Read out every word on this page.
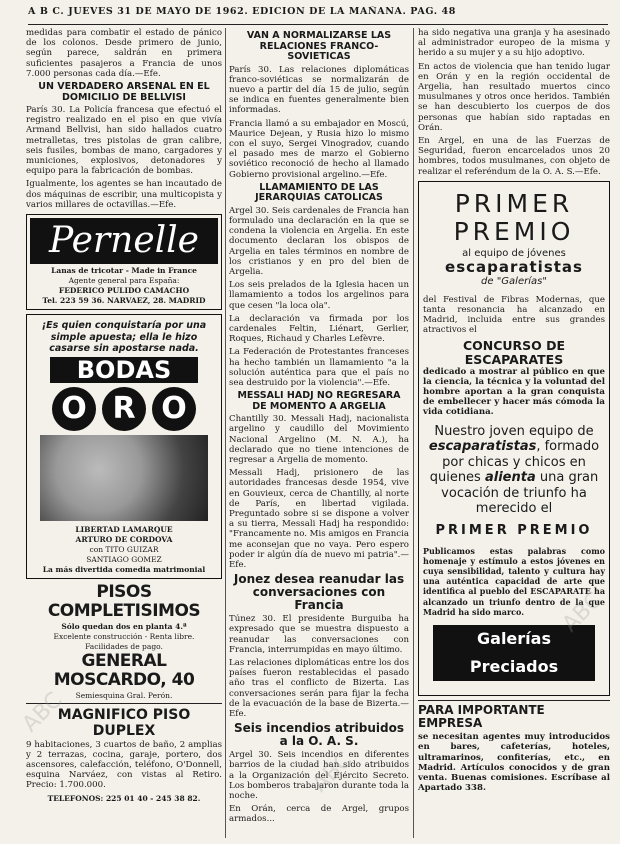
A B C. JUEVES 31 DE MAYO DE 1962. EDICION DE LA MAÑANA. PAG. 48

medidas para combatir el estado de pánico de los colonos. Desde primero de junio, según parece, saldrán en primera suficientes pasajeros a Francia de unos 7.000 personas cada día.—Efe.

UN VERDADERO ARSENAL EN EL DOMICILIO DE BELLVISI

París 30. La Policía francesa que efectuó el registro realizado en el piso en que vivía Armand Bellvisi, han sido hallados cuatro metralletas, tres pistolas de gran calibre, seis fusiles, bombas de mano, cargadores y municiones, explosivos, detonadores y equipo para la fabricación de bombas.

Igualmente, los agentes se han incautado de dos máquinas de escribir, una multicopista y varios millares de octavillas.—Efe.

Pernelle
Lanas de tricotar - Made in France
Agente general para España:
FEDERICO PULIDO CAMACHO
Tel. 223 59 36. NARVAEZ, 28. MADRID
¡Es quien conquistaría por una simple apuesta; ella le hizo casarse sin apostarse nada.
BODAS
O R O
LIBERTAD LAMARQUE
ARTURO DE CORDOVA
con TITO GUIZAR
SANTIAGO GOMEZ
La más divertida comedia matrimonial
PISOS COMPLETISIMOS
Sólo quedan dos en planta 4.ª
Excelente construcción - Renta libre.
Facilidades de pago.
GENERAL MOSCARDO, 40
Semiesquina Gral. Perón.
MAGNIFICO PISO DUPLEX

9 habitaciones, 3 cuartos de baño, 2 amplias y 2 terrazas, cocina, garaje, portero, dos ascensores, calefacción, teléfono, O'Donnell, esquina Narváez, con vistas al Retiro. Precio: 1.700.000.

TELEFONOS: 225 01 40 - 245 38 82.
VAN A NORMALIZARSE LAS RELACIONES FRANCO-SOVIETICAS

París 30. Las relaciones diplomáticas franco-soviéticas se normalizarán de nuevo a partir del día 15 de julio, según se indica en fuentes generalmente bien informadas.

Francia llamó a su embajador en Moscú, Maurice Dejean, y Rusia hizo lo mismo con el suyo, Sergei Vinogradov, cuando el pasado mes de marzo el Gobierno soviético reconoció de hecho al llamado Gobierno provisional argelino.—Efe.

LLAMAMIENTO DE LAS JERARQUIAS CATOLICAS

Argel 30. Seis cardenales de Francia han formulado una declaración en la que se condena la violencia en Argelia. En este documento declaran los obispos de Argelia en tales términos en nombre de los cristianos y en pro del bien de Argelia.

Los seis prelados de la Iglesia hacen un llamamiento a todos los argelinos para que cesen "la loca ola".

La declaración va firmada por los cardenales Feltin, Liénart, Gerlier, Roques, Richaud y Charles Lefèvre.

La Federación de Protestantes franceses ha hecho también un llamamiento "a la solución auténtica para que el país no sea destruido por la violencia".—Efe.

MESSALI HADJ NO REGRESARA DE MOMENTO A ARGELIA

Chantilly 30. Messali Hadj, nacionalista argelino y caudillo del Movimiento Nacional Argelino (M. N. A.), ha declarado que no tiene intenciones de regresar a Argelia de momento.

Messali Hadj, prisionero de las autoridades francesas desde 1954, vive en Gouvieux, cerca de Chantilly, al norte de París, en libertad vigilada. Preguntado sobre si se dispone a volver a su tierra, Messali Hadj ha respondido: "Francamente no. Mis amigos en Francia me aconsejan que no vaya. Pero espero poder ir algún día de nuevo mi patria".—Efe.

Jonez desea reanudar las conversaciones con Francia

Túnez 30. El presidente Burguiba ha expresado que se muestra dispuesto a reanudar las conversaciones con Francia, interrumpidas en mayo último.

Las relaciones diplomáticas entre los dos países fueron restablecidas el pasado año tras el conflicto de Bizerta. Las conversaciones serán para fijar la fecha de la evacuación de la base de Bizerta.—Efe.

Seis incendios atribuidos a la O. A. S.

Argel 30. Seis incendios en diferentes barrios de la ciudad han sido atribuidos a la Organización del Ejército Secreto. Los bomberos trabajaron durante toda la noche.

En Orán, cerca de Argel, grupos armados...

ha sido negativa una granja y ha asesinado al administrador europeo de la misma y herido a su mujer y a su hijo adoptivo.

En actos de violencia que han tenido lugar en Orán y en la región occidental de Argelia, han resultado muertos cinco musulmanes y otros once heridos. También se han descubierto los cuerpos de dos personas que habían sido raptadas en Orán.

En Argel, en una de las Fuerzas de Seguridad, fueron encarcelados unos 20 hombres, todos musulmanes, con objeto de realizar el referéndum de la O. A. S.—Efe.

PRIMER PREMIO
al equipo de jóvenes
escaparatistas
de "Galerías"

del Festival de Fibras Modernas, que tanta resonancia ha alcanzado en Madrid, incluida entre sus grandes atractivos el

CONCURSO DE ESCAPARATES

dedicado a mostrar al público en que la ciencia, la técnica y la voluntad del hombre aportan a la gran conquista de embellecer y hacer más cómoda la vida cotidiana.

Nuestro joven equipo de escaparatistas, formado por chicas y chicos en quienes alienta una gran vocación de triunfo ha merecido el
PRIMER PREMIO

Publicamos estas palabras como homenaje y estímulo a estos jóvenes en cuya sensibilidad, talento y cultura hay una auténtica capacidad de arte que identifica al pueblo del ESCAPARATE ha alcanzado un triunfo dentro de la que Madrid ha sido marco.

Galerías Preciados
PARA IMPORTANTE EMPRESA

se necesitan agentes muy introducidos en bares, cafeterías, hoteles, ultramarinos, confiterías, etc., en Madrid. Artículos conocidos y de gran venta. Buenas comisiones. Escríbase al Apartado 338.

ABC
ABC
ABC
